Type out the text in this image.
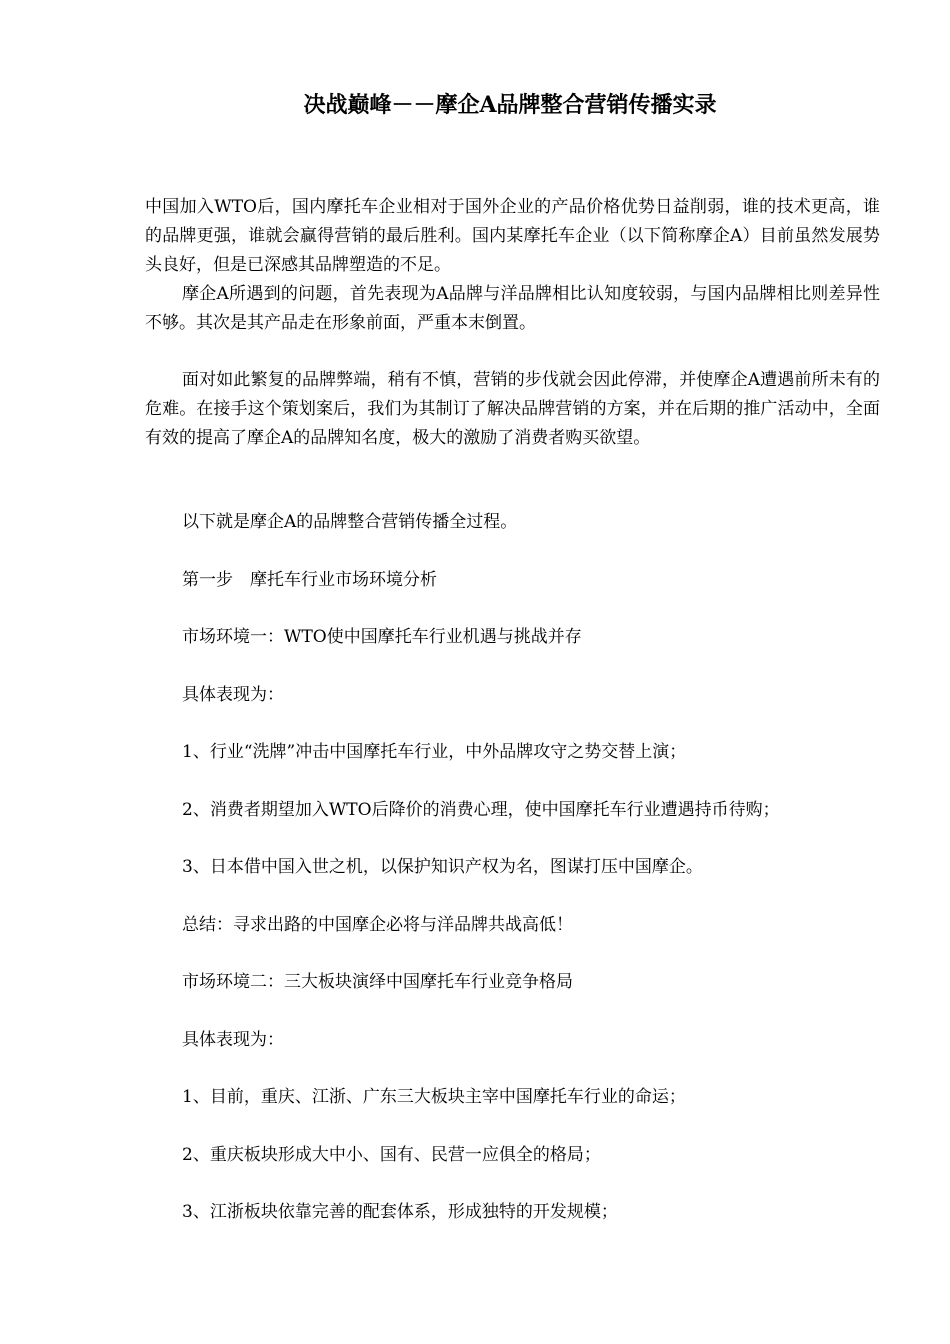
决战巅峰－－摩企A品牌整合营销传播实录

中国加入WTO后，国内摩托车企业相对于国外企业的产品价格优势日益削弱，谁的技术更高，谁的品牌更强，谁就会赢得营销的最后胜利。国内某摩托车企业（以下简称摩企A）目前虽然发展势头良好，但是已深感其品牌塑造的不足。

摩企A所遇到的问题，首先表现为A品牌与洋品牌相比认知度较弱，与国内品牌相比则差异性不够。其次是其产品走在形象前面，严重本末倒置。

面对如此繁复的品牌弊端，稍有不慎，营销的步伐就会因此停滞，并使摩企A遭遇前所未有的危难。在接手这个策划案后，我们为其制订了解决品牌营销的方案，并在后期的推广活动中，全面有效的提高了摩企A的品牌知名度，极大的激励了消费者购买欲望。

以下就是摩企A的品牌整合营销传播全过程。

第一步　摩托车行业市场环境分析

市场环境一：WTO使中国摩托车行业机遇与挑战并存

具体表现为：

1、行业“洗牌”冲击中国摩托车行业，中外品牌攻守之势交替上演；

2、消费者期望加入WTO后降价的消费心理，使中国摩托车行业遭遇持币待购；

3、日本借中国入世之机，以保护知识产权为名，图谋打压中国摩企。

总结：寻求出路的中国摩企必将与洋品牌共战高低！

市场环境二：三大板块演绎中国摩托车行业竞争格局

具体表现为：

1、目前，重庆、江浙、广东三大板块主宰中国摩托车行业的命运；

2、重庆板块形成大中小、国有、民营一应俱全的格局；

3、江浙板块依靠完善的配套体系，形成独特的开发规模；
